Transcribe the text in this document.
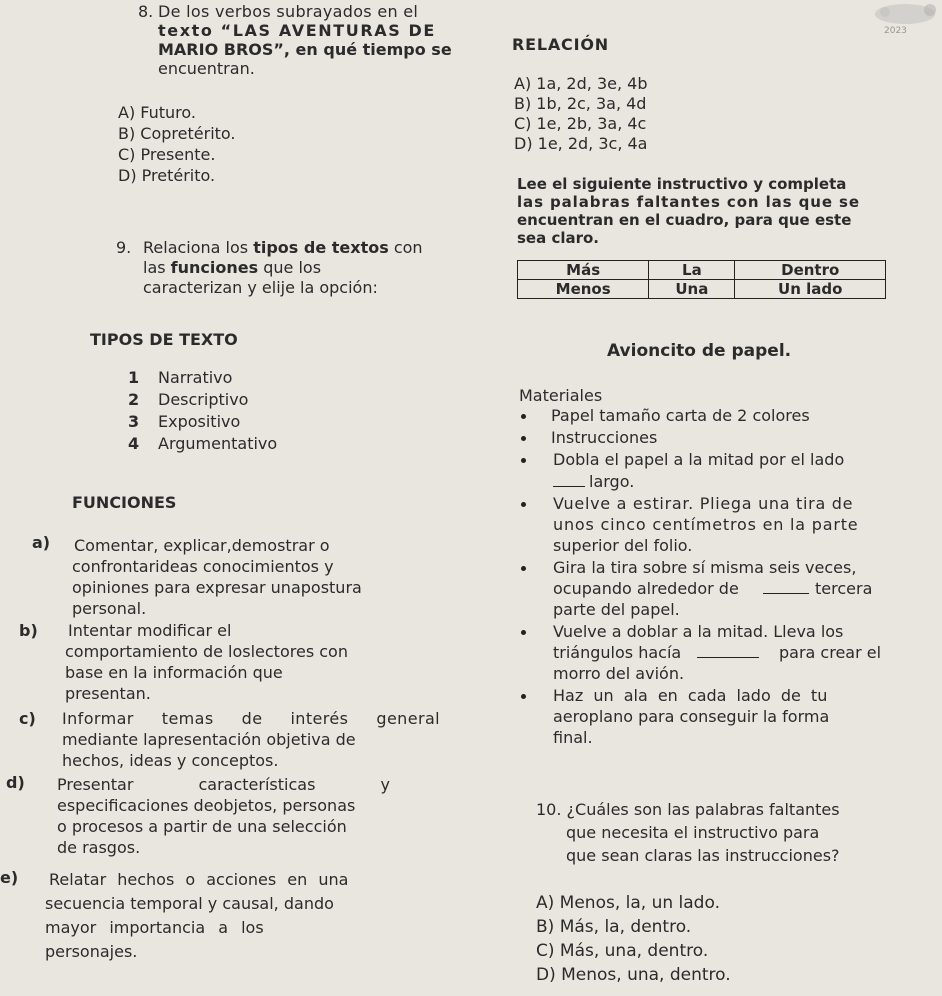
2023
8. De los verbos subrayados en el
texto “LAS AVENTURAS DE
MARIO BROS”, en qué tiempo se
encuentran.
A) Futuro.
B) Copretérito.
C) Presente.
D) Pretérito.
RELACIÓN
A) 1a, 2d, 3e, 4b
B) 1b, 2c, 3a, 4d
C) 1e, 2b, 3a, 4c
D) 1e, 2d, 3c, 4a
Lee el siguiente instructivo y completa
las palabras faltantes con las que se
encuentran en el cuadro, para que este
sea claro.
Más	La	Dentro
Menos	Una	Un lado
9. Relaciona los tipos de textos con
las funciones que los
caracterizan y elije la opción:
TIPOS DE TEXTO
1 Narrativo
2 Descriptivo
3 Expositivo
4 Argumentativo
FUNCIONES
a) Comentar, explicar,demostrar o
confrontarideas conocimientos y
opiniones para expresar unapostura
personal.
b) Intentar modificar el
comportamiento de loslectores con
base en la información que
presentan.
c) Informar temas de interés general
mediante lapresentación objetiva de
hechos, ideas y conceptos.
d) Presentar características y
especificaciones deobjetos, personas
o procesos a partir de una selección
de rasgos.
e) Relatar hechos o acciones en una
secuencia temporal y causal, dando
mayor importancia a los
personajes.
Avioncito de papel.
Materiales
Papel tamaño carta de 2 colores
Instrucciones
Dobla el papel a la mitad por el lado
largo.
Vuelve a estirar. Pliega una tira de
unos cinco centímetros en la parte
superior del folio.
Gira la tira sobre sí misma seis veces,
ocupando alrededor de	tercera
parte del papel.
Vuelve a doblar a la mitad. Lleva los
triángulos hacía	para crear el
morro del avión.
Haz un ala en cada lado de tu
aeroplano para conseguir la forma
final.
10. ¿Cuáles son las palabras faltantes
que necesita el instructivo para
que sean claras las instrucciones?
A) Menos, la, un lado.
B) Más, la, dentro.
C) Más, una, dentro.
D) Menos, una, dentro.
